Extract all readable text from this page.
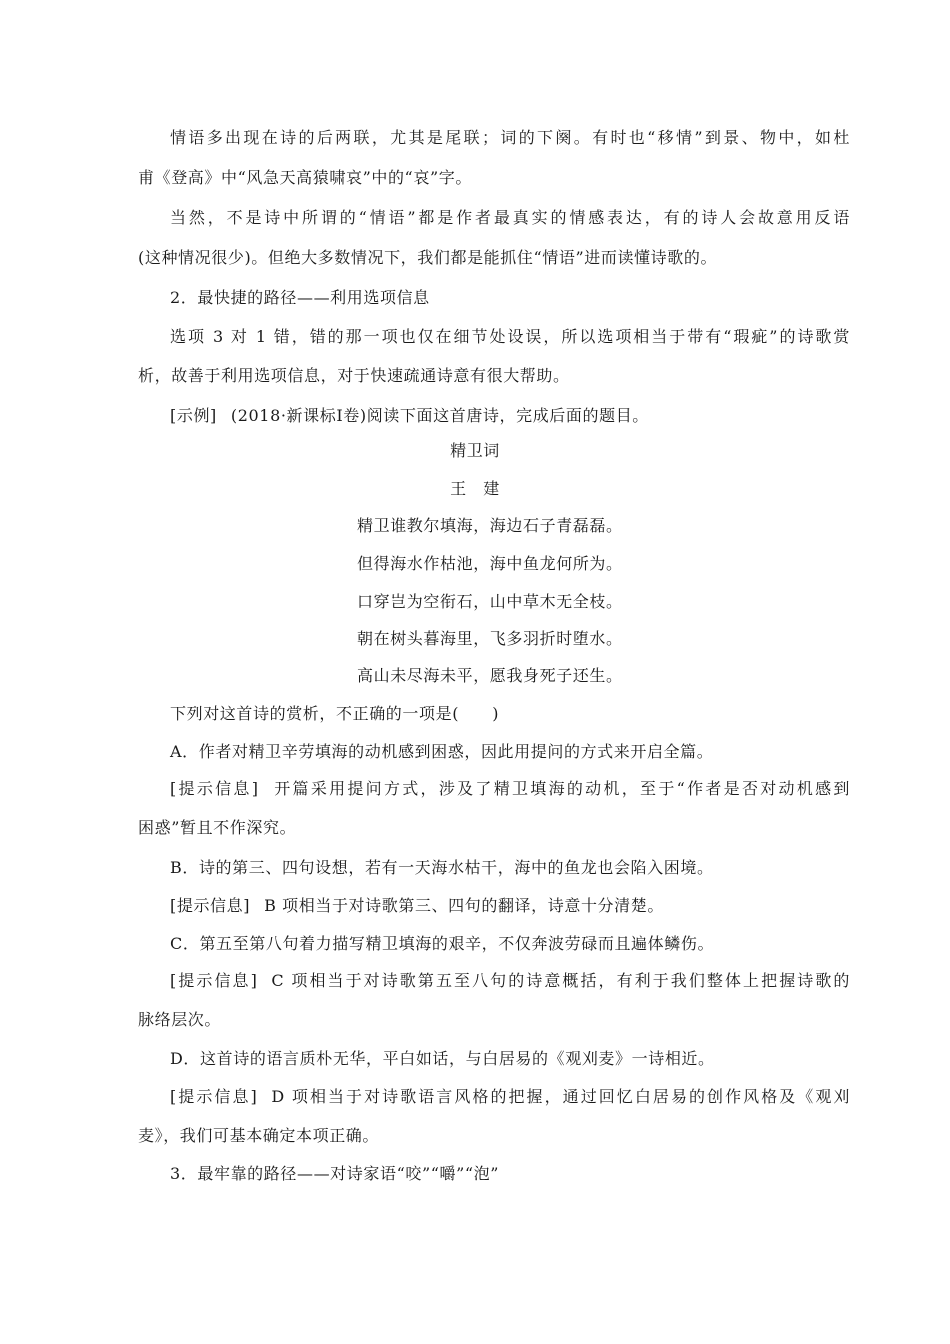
情语多出现在诗的后两联，尤其是尾联；词的下阕。有时也“移情”到景、物中，如杜
甫《登高》中“风急天高猿啸哀”中的“哀”字。
当然，不是诗中所谓的“情语”都是作者最真实的情感表达，有的诗人会故意用反语
(这种情况很少)。但绝大多数情况下，我们都是能抓住“情语”进而读懂诗歌的。
2．最快捷的路径——利用选项信息
选项 3 对 1 错，错的那一项也仅在细节处设误，所以选项相当于带有“瑕疵”的诗歌赏
析，故善于利用选项信息，对于快速疏通诗意有很大帮助。
[示例] (2018·新课标Ⅰ卷)阅读下面这首唐诗，完成后面的题目。
精卫词
王　建
精卫谁教尔填海，海边石子青磊磊。
但得海水作枯池，海中鱼龙何所为。
口穿岂为空衔石，山中草木无全枝。
朝在树头暮海里，飞多羽折时堕水。
高山未尽海未平，愿我身死子还生。
下列对这首诗的赏析，不正确的一项是(　　)
A．作者对精卫辛劳填海的动机感到困惑，因此用提问的方式来开启全篇。
[提示信息] 开篇采用提问方式，涉及了精卫填海的动机，至于“作者是否对动机感到
困惑”暂且不作深究。
B．诗的第三、四句设想，若有一天海水枯干，海中的鱼龙也会陷入困境。
[提示信息] B 项相当于对诗歌第三、四句的翻译，诗意十分清楚。
C．第五至第八句着力描写精卫填海的艰辛，不仅奔波劳碌而且遍体鳞伤。
[提示信息] C 项相当于对诗歌第五至八句的诗意概括，有利于我们整体上把握诗歌的
脉络层次。
D．这首诗的语言质朴无华，平白如话，与白居易的《观刈麦》一诗相近。
[提示信息] D 项相当于对诗歌语言风格的把握，通过回忆白居易的创作风格及《观刈
麦》，我们可基本确定本项正确。
3．最牢靠的路径——对诗家语“咬”“嚼”“泡”
